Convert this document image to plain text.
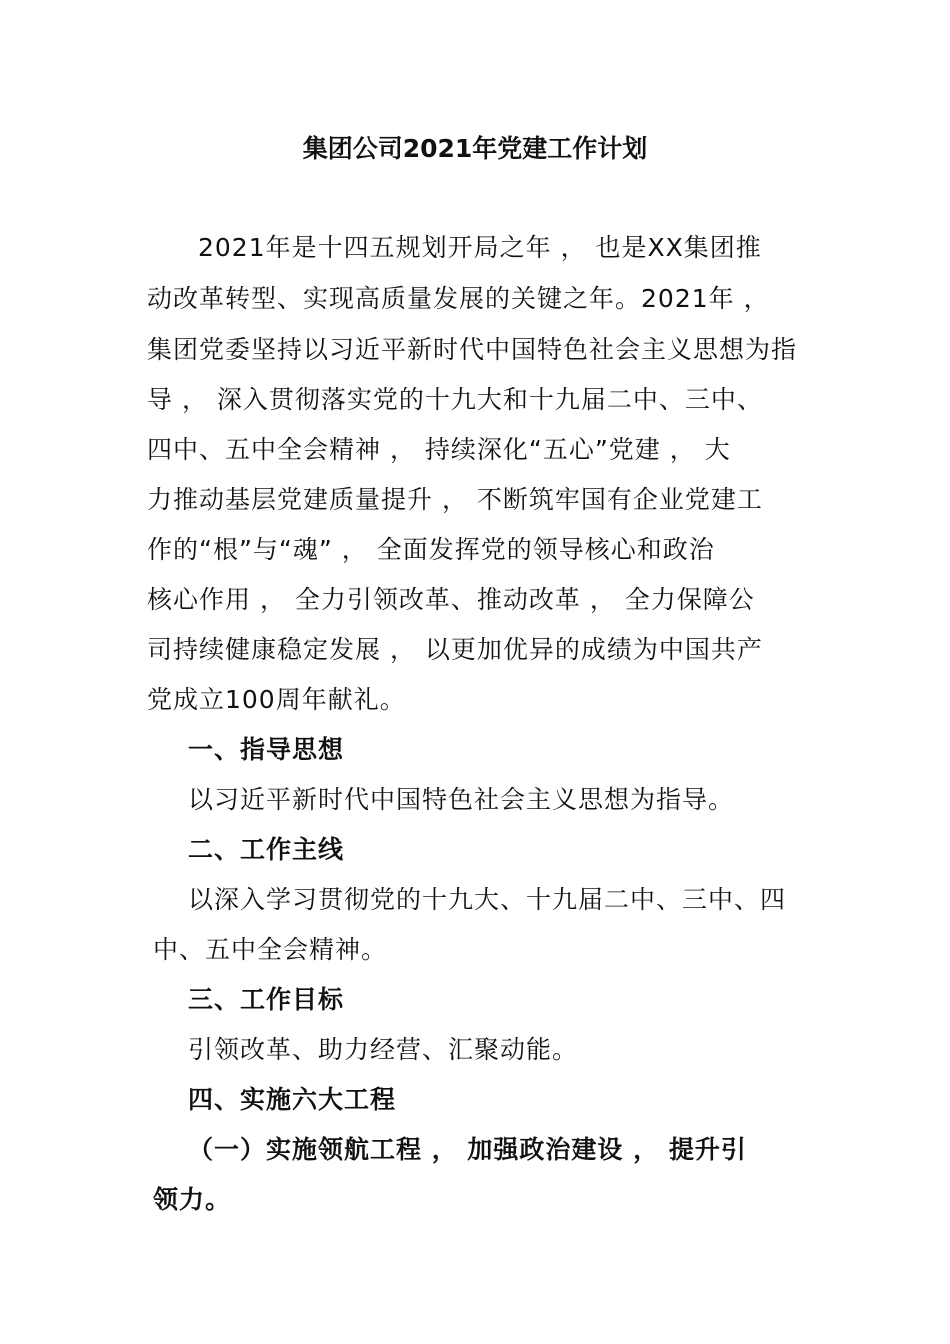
集团公司2021年党建工作计划
2021年是十四五规划开局之年 ， 也是XX集团推
动改革转型、实现高质量发展的关键之年。2021年 ，
集团党委坚持以习近平新时代中国特色社会主义思想为指
导 ， 深入贯彻落实党的十九大和十九届二中、三中、
四中、五中全会精神 ， 持续深化“五心”党建 ， 大
力推动基层党建质量提升 ， 不断筑牢国有企业党建工
作的“根”与“魂” ， 全面发挥党的领导核心和政治
核心作用 ， 全力引领改革、推动改革 ， 全力保障公
司持续健康稳定发展 ， 以更加优异的成绩为中国共产
党成立100周年献礼。
一、指导思想
以习近平新时代中国特色社会主义思想为指导。
二、工作主线
以深入学习贯彻党的十九大、十九届二中、三中、四
中、五中全会精神。
三、工作目标
引领改革、助力经营、汇聚动能。
四、实施六大工程
（一）实施领航工程 ， 加强政治建设 ， 提升引
领力。
